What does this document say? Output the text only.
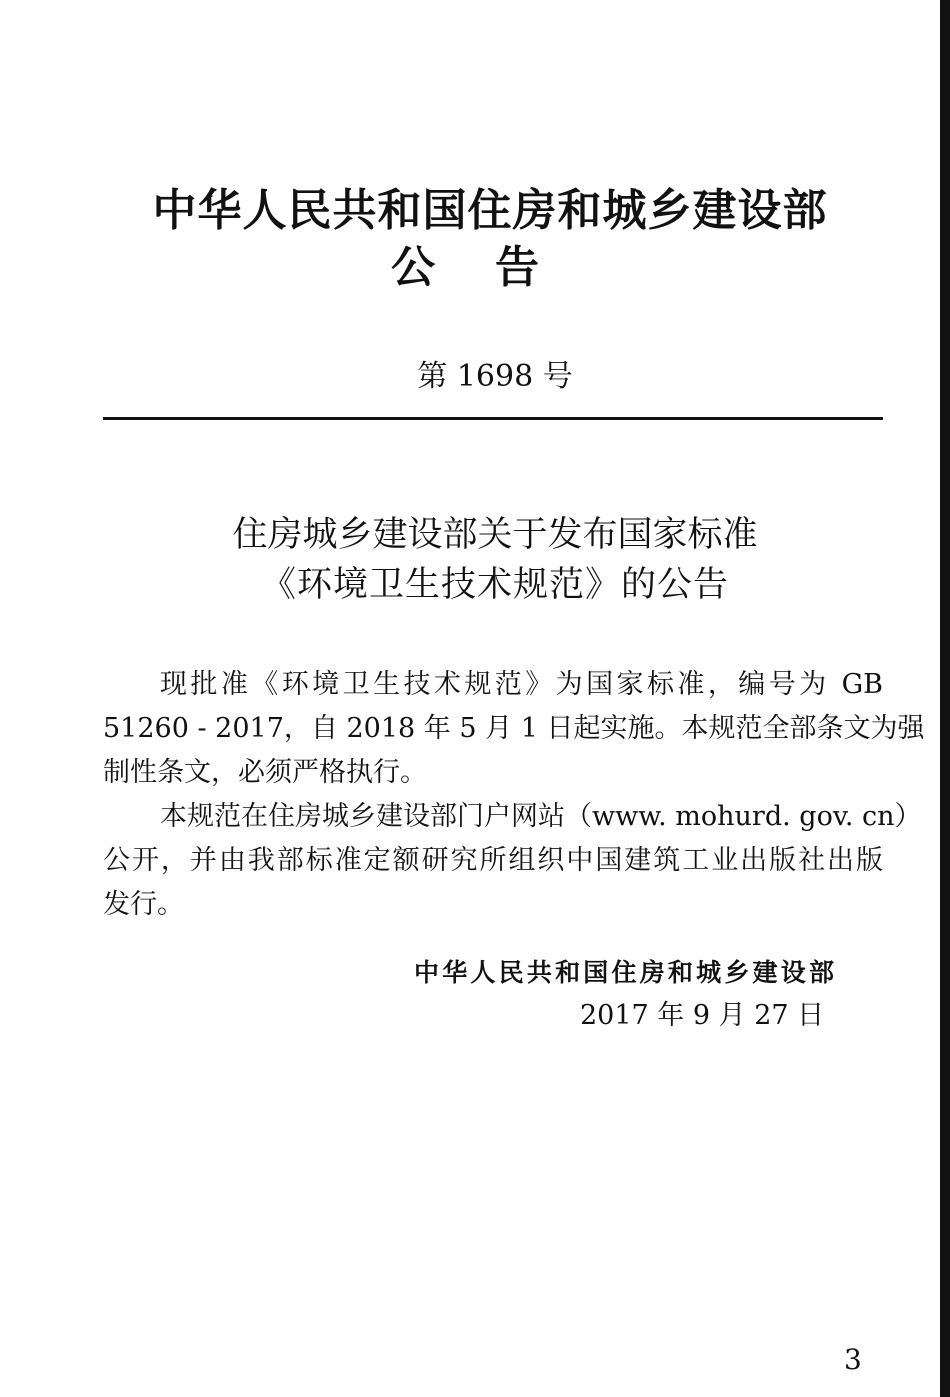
中华人民共和国住房和城乡建设部
公告
第 1698 号
住房城乡建设部关于发布国家标准
《环境卫生技术规范》的公告
现批准《环境卫生技术规范》为国家标准，编号为 GB
51260 - 2017，自 2018 年 5 月 1 日起实施。本规范全部条文为强
制性条文，必须严格执行。
本规范在住房城乡建设部门户网站（www. mohurd. gov. cn）
公开，并由我部标准定额研究所组织中国建筑工业出版社出版
发行。
中华人民共和国住房和城乡建设部
2017 年 9 月 27 日
3
